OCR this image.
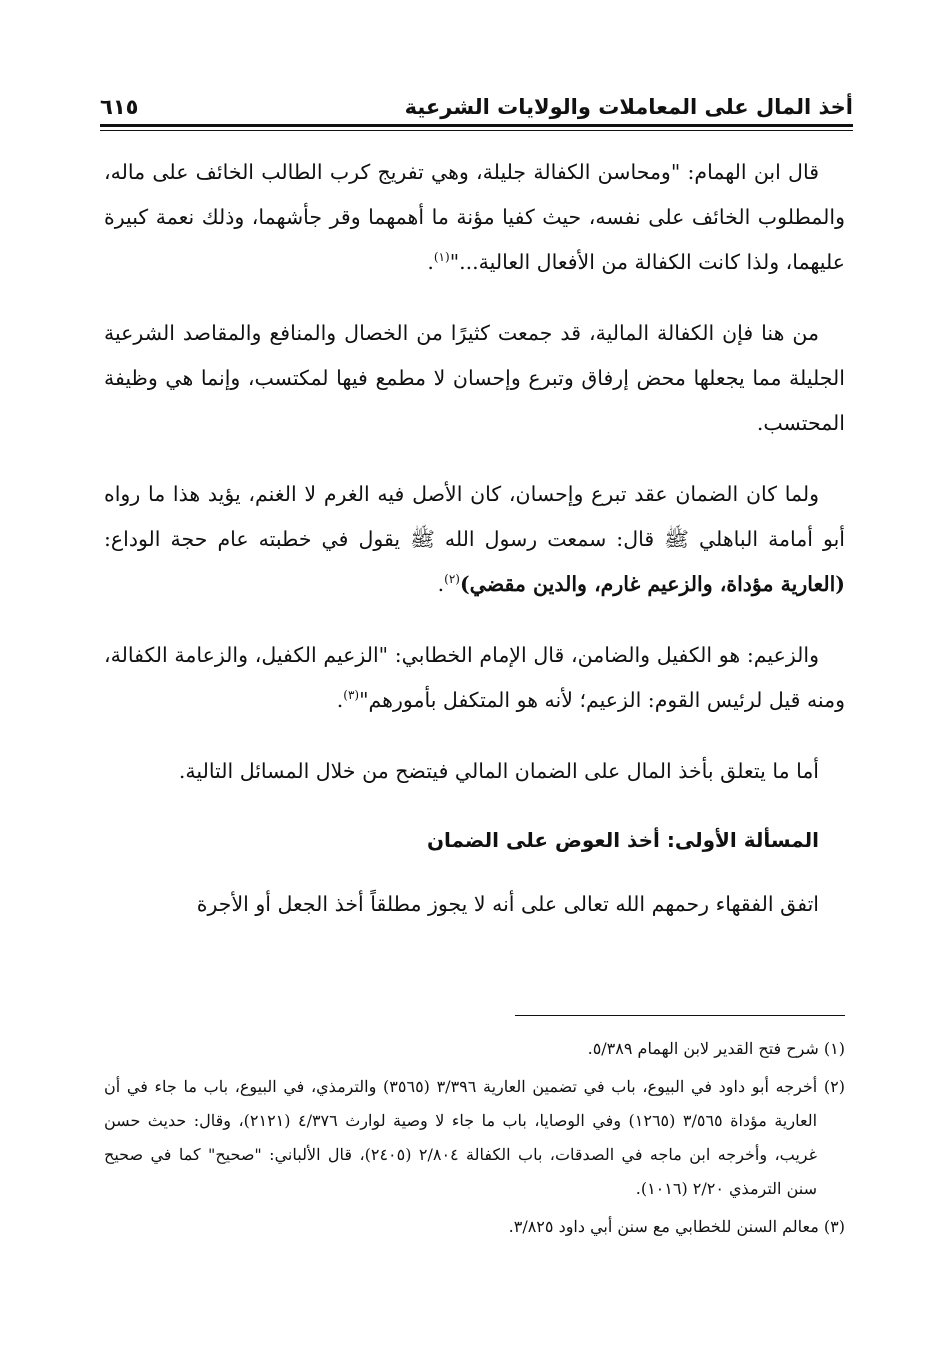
أخذ المال على المعاملات والولايات الشرعية
٦١٥

قال ابن الهمام: "ومحاسن الكفالة جليلة، وهي تفريج كرب الطالب الخائف على ماله، والمطلوب الخائف على نفسه، حيث كفيا مؤنة ما أهمهما وقر جأشهما، وذلك نعمة كبيرة عليهما، ولذا كانت الكفالة من الأفعال العالية..."$^{(١)}$.

من هنا فإن الكفالة المالية، قد جمعت كثيرًا من الخصال والمنافع والمقاصد الشرعية الجليلة مما يجعلها محض إرفاق وتبرع وإحسان لا مطمع فيها لمكتسب، وإنما هي وظيفة المحتسب.

ولما كان الضمان عقد تبرع وإحسان، كان الأصل فيه الغرم لا الغنم، يؤيد هذا ما رواه أبو أمامة الباهلي ﷺ قال: سمعت رسول الله ﷺ يقول في خطبته عام حجة الوداع: (العارية مؤداة، والزعيم غارم، والدين مقضي)$^{(٢)}$.

والزعيم: هو الكفيل والضامن، قال الإمام الخطابي: "الزعيم الكفيل، والزعامة الكفالة، ومنه قيل لرئيس القوم: الزعيم؛ لأنه هو المتكفل بأمورهم"$^{(٣)}$.

أما ما يتعلق بأخذ المال على الضمان المالي فيتضح من خلال المسائل التالية.

المسألة الأولى: أخذ العوض على الضمان

اتفق الفقهاء رحمهم الله تعالى على أنه لا يجوز مطلقاً أخذ الجعل أو الأجرة

(١) شرح فتح القدير لابن الهمام ٥/٣٨٩.

(٢) أخرجه أبو داود في البيوع، باب في تضمين العارية ٣/٣٩٦ (٣٥٦٥) والترمذي، في البيوع، باب ما جاء في أن العارية مؤداة ٣/٥٦٥ (١٢٦٥) وفي الوصايا، باب ما جاء لا وصية لوارث ٤/٣٧٦ (٢١٢١)، وقال: حديث حسن غريب، وأخرجه ابن ماجه في الصدقات، باب الكفالة ٢/٨٠٤ (٢٤٠٥)، قال الألباني: "صحيح" كما في صحيح سنن الترمذي ٢/٢٠ (١٠١٦).

(٣) معالم السنن للخطابي مع سنن أبي داود ٣/٨٢٥.
